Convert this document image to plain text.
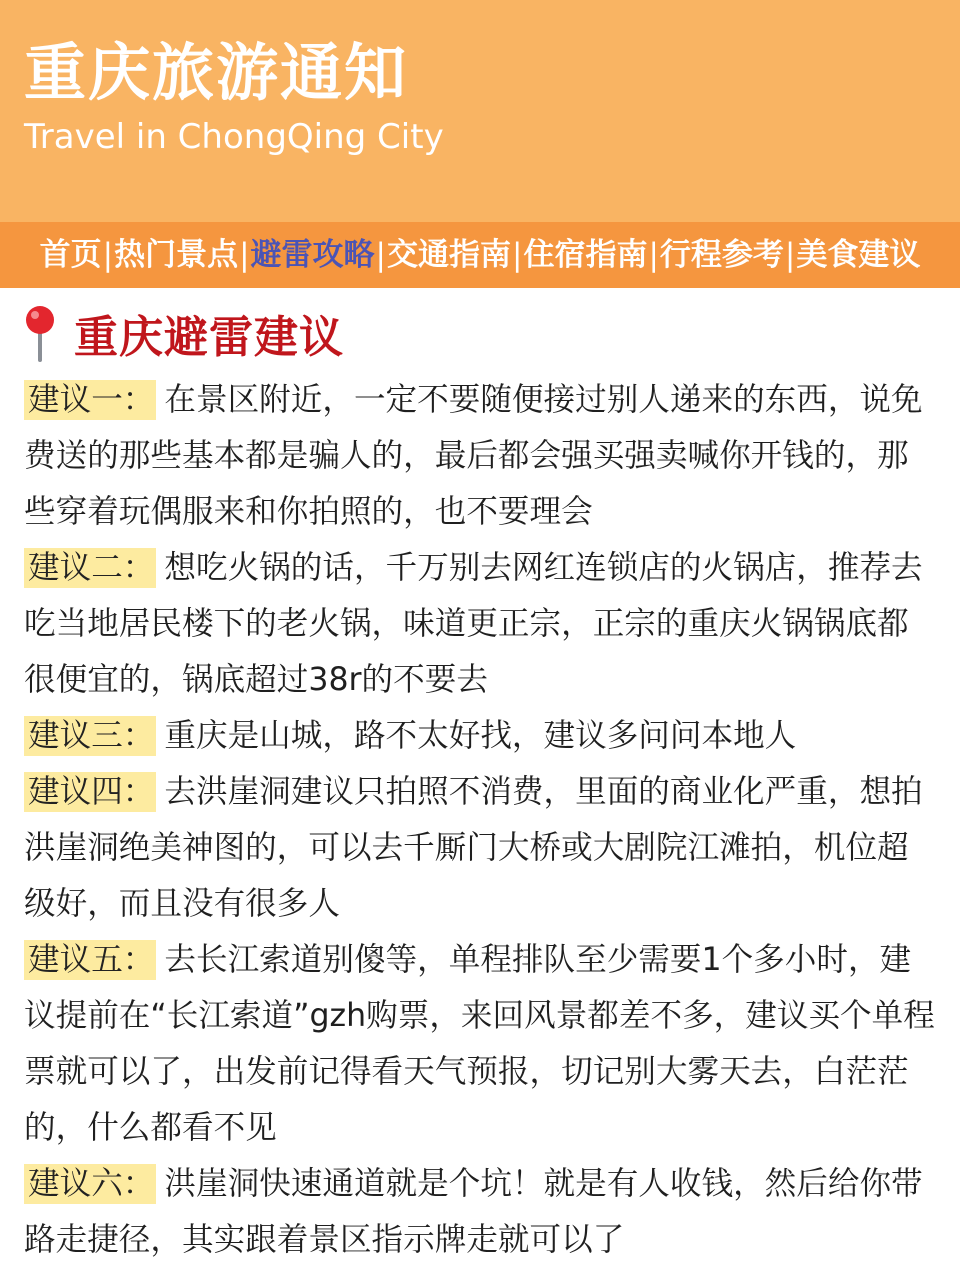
重庆旅游通知
Travel in ChongQing City
首页 | 热门景点 | 避雷攻略 | 交通指南 | 住宿指南 | 行程参考 | 美食建议
重庆避雷建议

建议一： 在景区附近，一定不要随便接过别人递来的东西，说免费送的那些基本都是骗人的，最后都会强买强卖喊你开钱的，那些穿着玩偶服来和你拍照的，也不要理会

建议二： 想吃火锅的话，千万别去网红连锁店的火锅店，推荐去吃当地居民楼下的老火锅，味道更正宗，正宗的重庆火锅锅底都很便宜的，锅底超过38r的不要去

建议三： 重庆是山城，路不太好找，建议多问问本地人

建议四： 去洪崖洞建议只拍照不消费，里面的商业化严重，想拍洪崖洞绝美神图的，可以去千厮门大桥或大剧院江滩拍，机位超级好，而且没有很多人

建议五： 去长江索道别傻等，单程排队至少需要1个多小时，建议提前在“长江索道”gzh购票，来回风景都差不多，建议买个单程票就可以了，出发前记得看天气预报，切记别大雾天去，白茫茫的，什么都看不见

建议六： 洪崖洞快速通道就是个坑！就是有人收钱，然后给你带路走捷径，其实跟着景区指示牌走就可以了
